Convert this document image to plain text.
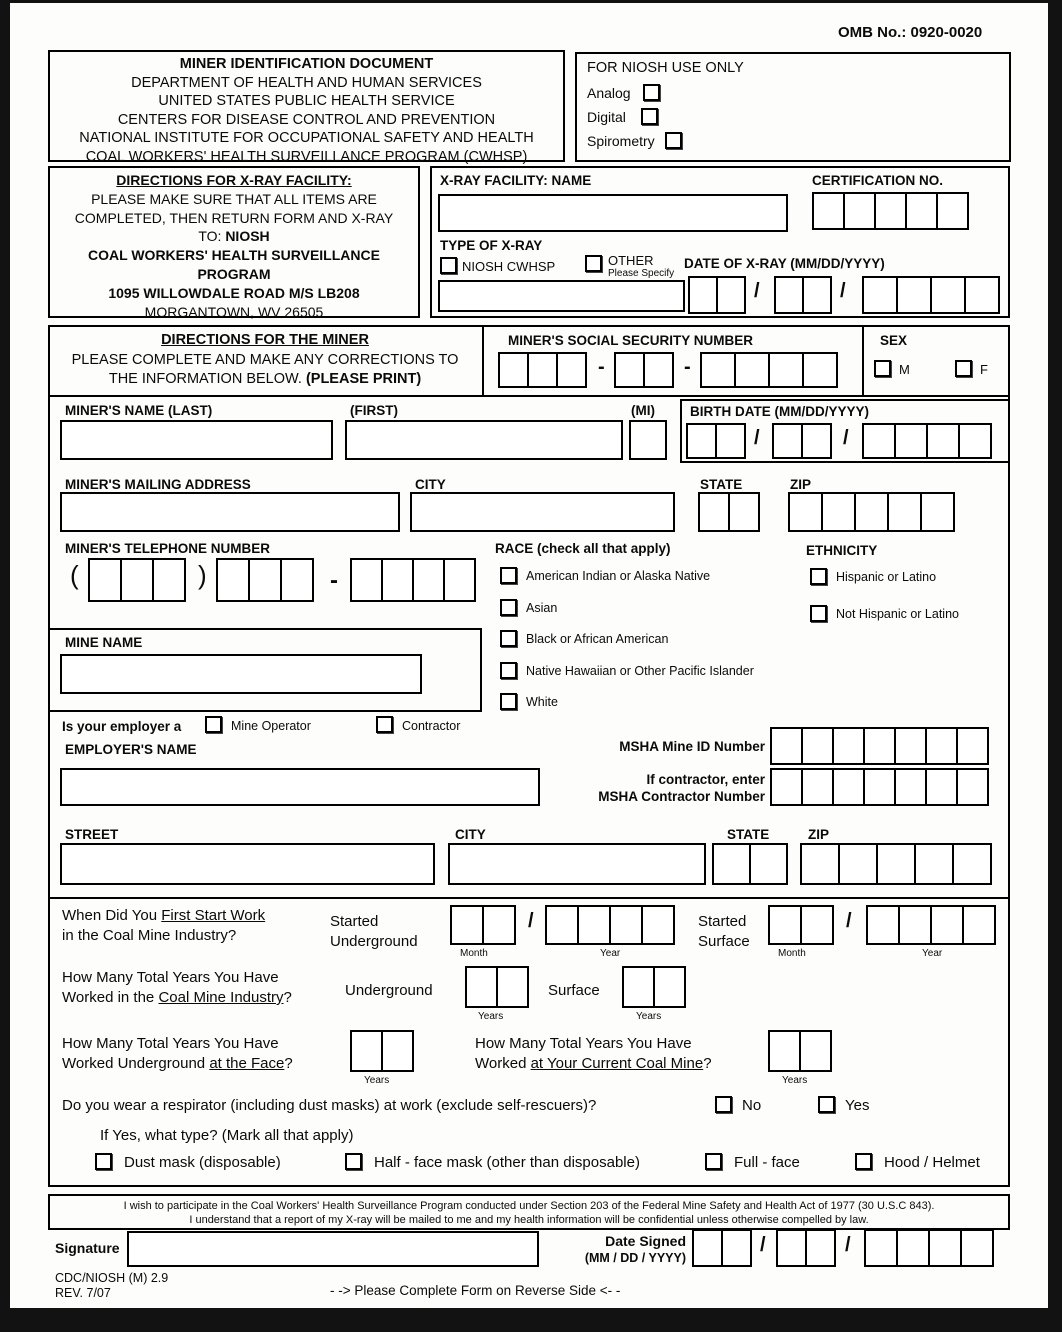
OMB No.: 0920-0020
MINER IDENTIFICATION DOCUMENT
DEPARTMENT OF HEALTH AND HUMAN SERVICES
UNITED STATES PUBLIC HEALTH SERVICE
CENTERS FOR DISEASE CONTROL AND PREVENTION
NATIONAL INSTITUTE FOR OCCUPATIONAL SAFETY AND HEALTH
COAL WORKERS' HEALTH SURVEILLANCE PROGRAM (CWHSP)
FOR NIOSH USE ONLY
Analog
Digital
Spirometry
DIRECTIONS FOR X-RAY FACILITY:
PLEASE MAKE SURE THAT ALL ITEMS ARE
COMPLETED, THEN RETURN FORM AND X-RAY
TO: NIOSH
COAL WORKERS' HEALTH SURVEILLANCE
PROGRAM
1095 WILLOWDALE ROAD M/S LB208
MORGANTOWN, WV 26505
X-RAY FACILITY: NAME	CERTIFICATION NO.
TYPE OF X-RAY
NIOSH CWHSP	OTHER
Please Specify
DATE OF X-RAY (MM/DD/YYYY)
/	/
DIRECTIONS FOR THE MINER
PLEASE COMPLETE AND MAKE ANY CORRECTIONS TO
THE INFORMATION BELOW. (PLEASE PRINT)
MINER'S SOCIAL SECURITY NUMBER
-	-
SEX
M	F
MINER'S NAME (LAST)	(FIRST)	(MI)	BIRTH DATE (MM/DD/YYYY)
/	/
MINER'S MAILING ADDRESS	CITY	STATE	ZIP
MINER'S TELEPHONE NUMBER
(	)	-
RACE (check all that apply)
American Indian or Alaska Native
Asian
Black or African American
Native Hawaiian or Other Pacific Islander
White
ETHNICITY
Hispanic or Latino
Not Hispanic or Latino
MINE NAME
Is your employer a	Mine Operator	Contractor
EMPLOYER'S NAME	MSHA Mine ID Number
If contractor, enter
MSHA Contractor Number
STREET	CITY	STATE	ZIP
When Did You First Start Work
in the Coal Mine Industry?
Started
Underground
Month
/
Year
Started
Surface
Month
/
Year
How Many Total Years You Have
Worked in the Coal Mine Industry?	Underground
Years
Surface
Years
How Many Total Years You Have
Worked Underground at the Face?
Years
How Many Total Years You Have
Worked at Your Current Coal Mine?
Years
Do you wear a respirator (including dust masks) at work (exclude self-rescuers)?	No	Yes
If Yes, what type? (Mark all that apply)
Dust mask (disposable)	Half - face mask (other than disposable)	Full - face	Hood / Helmet
I wish to participate in the Coal Workers' Health Surveillance Program conducted under Section 203 of the Federal Mine Safety and Health Act of 1977 (30 U.S.C 843).
I understand that a report of my X-ray will be mailed to me and my health information will be confidential unless otherwise compelled by law.
Signature	Date Signed
(MM / DD / YYYY)
/	/
CDC/NIOSH (M) 2.9
REV. 7/07	- -> Please Complete Form on Reverse Side <- -
